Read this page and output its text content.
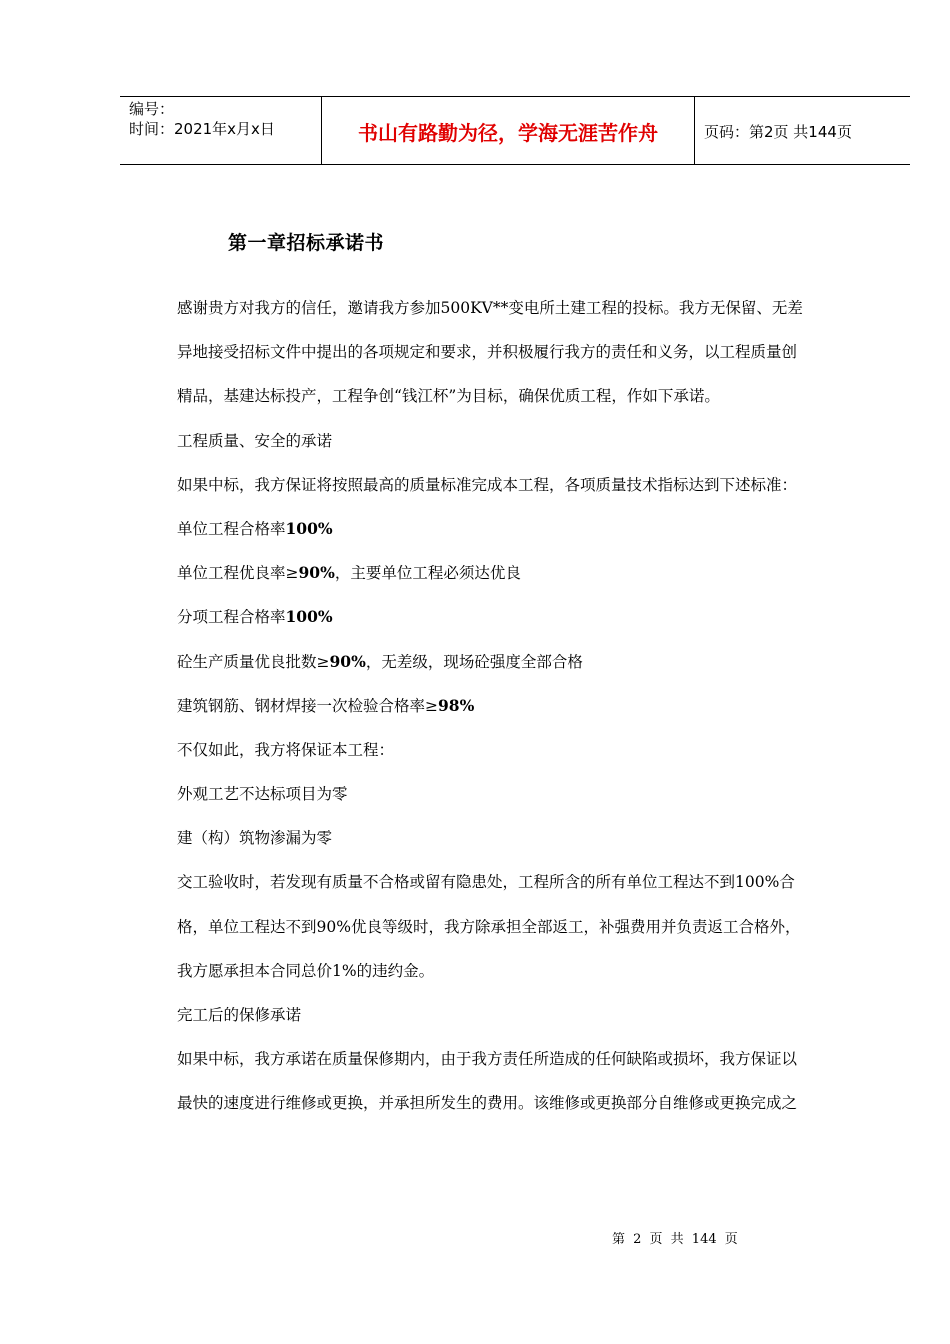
编号：
时间：2021年x月x日	书山有路勤为径，学海无涯苦作舟	页码：第2页 共144页
第一章招标承诺书
感谢贵方对我方的信任，邀请我方参加500KV**变电所土建工程的投标。我方无保留、无差
异地接受招标文件中提出的各项规定和要求，并积极履行我方的责任和义务，以工程质量创
精品，基建达标投产，工程争创“钱江杯”为目标，确保优质工程，作如下承诺。
工程质量、安全的承诺
如果中标，我方保证将按照最高的质量标准完成本工程，各项质量技术指标达到下述标准：
单位工程合格率100%
单位工程优良率≥90%，主要单位工程必须达优良
分项工程合格率100%
砼生产质量优良批数≥90%，无差级，现场砼强度全部合格
建筑钢筋、钢材焊接一次检验合格率≥98%
不仅如此，我方将保证本工程：
外观工艺不达标项目为零
建（构）筑物渗漏为零
交工验收时，若发现有质量不合格或留有隐患处，工程所含的所有单位工程达不到100%合
格，单位工程达不到90%优良等级时，我方除承担全部返工，补强费用并负责返工合格外，
我方愿承担本合同总价1%的违约金。
完工后的保修承诺
如果中标，我方承诺在质量保修期内，由于我方责任所造成的任何缺陷或损坏，我方保证以
最快的速度进行维修或更换，并承担所发生的费用。该维修或更换部分自维修或更换完成之
第 2 页 共 144 页
